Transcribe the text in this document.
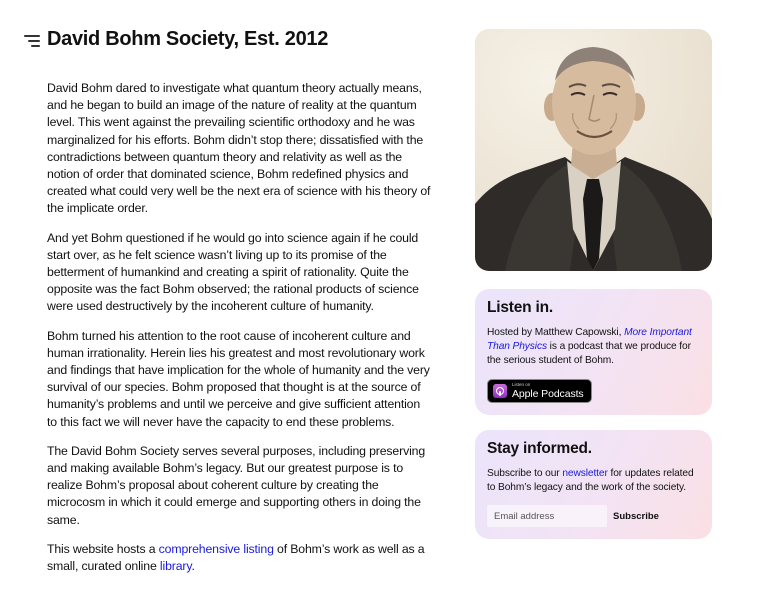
David Bohm Society, Est. 2012

David Bohm dared to investigate what quantum theory actually means, and he began to build an image of the nature of reality at the quantum level. This went against the prevailing scientific orthodoxy and he was marginalized for his efforts. Bohm didn’t stop there; dissatisfied with the contradictions between quantum theory and relativity as well as the notion of order that dominated science, Bohm redefined physics and created what could very well be the next era of science with his theory of the implicate order.

And yet Bohm questioned if he would go into science again if he could start over, as he felt science wasn’t living up to its promise of the betterment of humankind and creating a spirit of rationality. Quite the opposite was the fact Bohm observed; the rational products of science were used destructively by the incoherent culture of humanity.

Bohm turned his attention to the root cause of incoherent culture and human irrationality. Herein lies his greatest and most revolutionary work and findings that have implication for the whole of humanity and the very survival of our species. Bohm proposed that thought is at the source of humanity’s problems and until we perceive and give sufficient attention to this fact we will never have the capacity to end these problems.

The David Bohm Society serves several purposes, including preserving and making available Bohm’s legacy. But our greatest purpose is to realize Bohm’s proposal about coherent culture by creating the microcosm in which it could emerge and supporting others in doing the same.

This website hosts a comprehensive listing of Bohm’s work as well as a small, curated online library.

Listen in.

Hosted by Matthew Capowski, More Important Than Physics is a podcast that we produce for the serious student of Bohm.

Listen on
Apple Podcasts
Stay informed.

Subscribe to our newsletter for updates related to Bohm’s legacy and the work of the society.

Email address
Subscribe
